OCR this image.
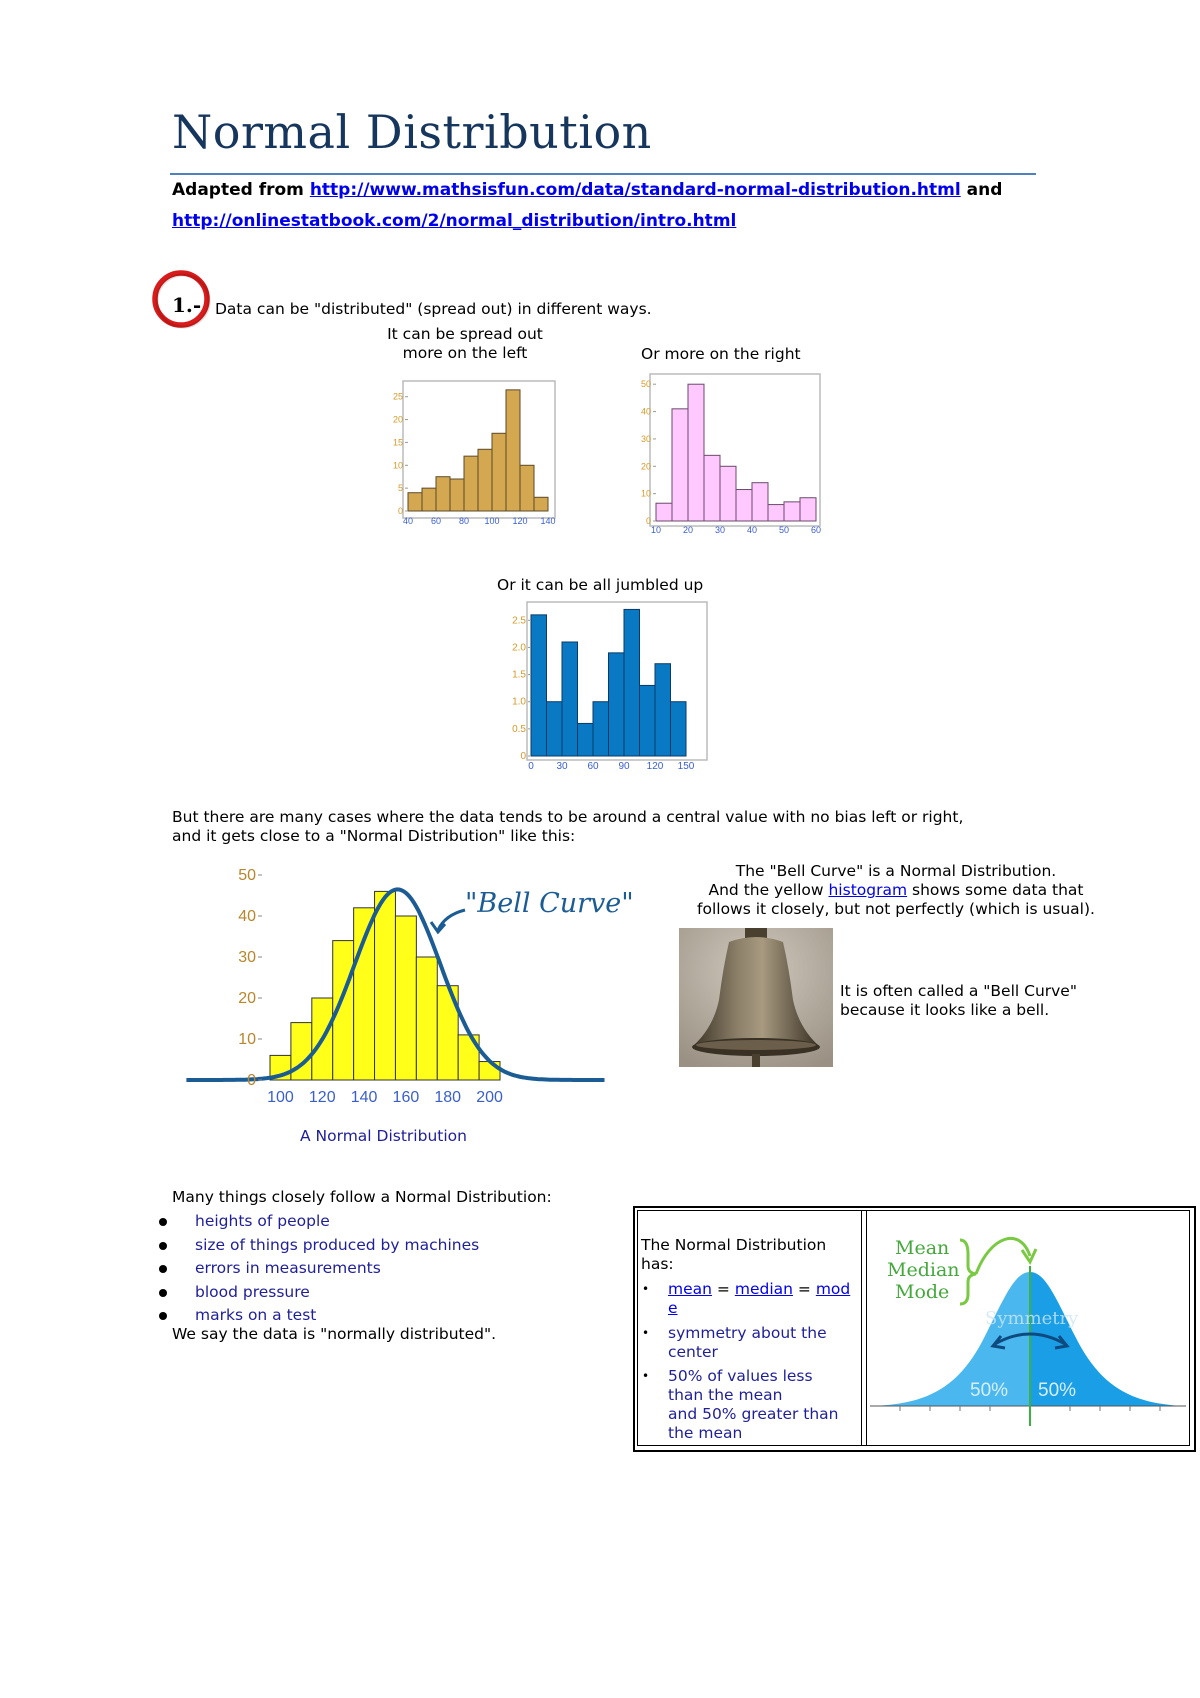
Normal Distribution
Adapted from http://www.mathsisfun.com/data/standard-normal-distribution.html and
http://onlinestatbook.com/2/normal_distribution/intro.html
1.- Data can be "distributed" (spread out) in different ways.
It can be spread out
more on the left	Or more on the right
0
5
10
15
20
25
40 60 80 100 120 140	0
10
20
30
40
50
10 20 30 40 50 60
Or it can be all jumbled up
0
0.5
1.0
1.5
2.0
2.5
0 30 60 90 120 150
But there are many cases where the data tends to be around a central value with no bias left or right,
and it gets close to a "Normal Distribution" like this:
0
10
20
30
40
50
100 120 140 160 180 200
"Bell Curve"
A Normal Distribution
The "Bell Curve" is a Normal Distribution.
And the yellow histogram shows some data that
follows it closely, but not perfectly (which is usual).
It is often called a "Bell Curve"
because it looks like a bell.
Many things closely follow a Normal Distribution:
heights of people
size of things produced by machines
errors in measurements
blood pressure
marks on a test
We say the data is "normally distributed".
The Normal Distribution
has:
• mean = median = mod
e
• symmetry about the
center
• 50% of values less
than the mean
and 50% greater than
the mean
Mean
Median
Mode
Symmetry
50% 50%
